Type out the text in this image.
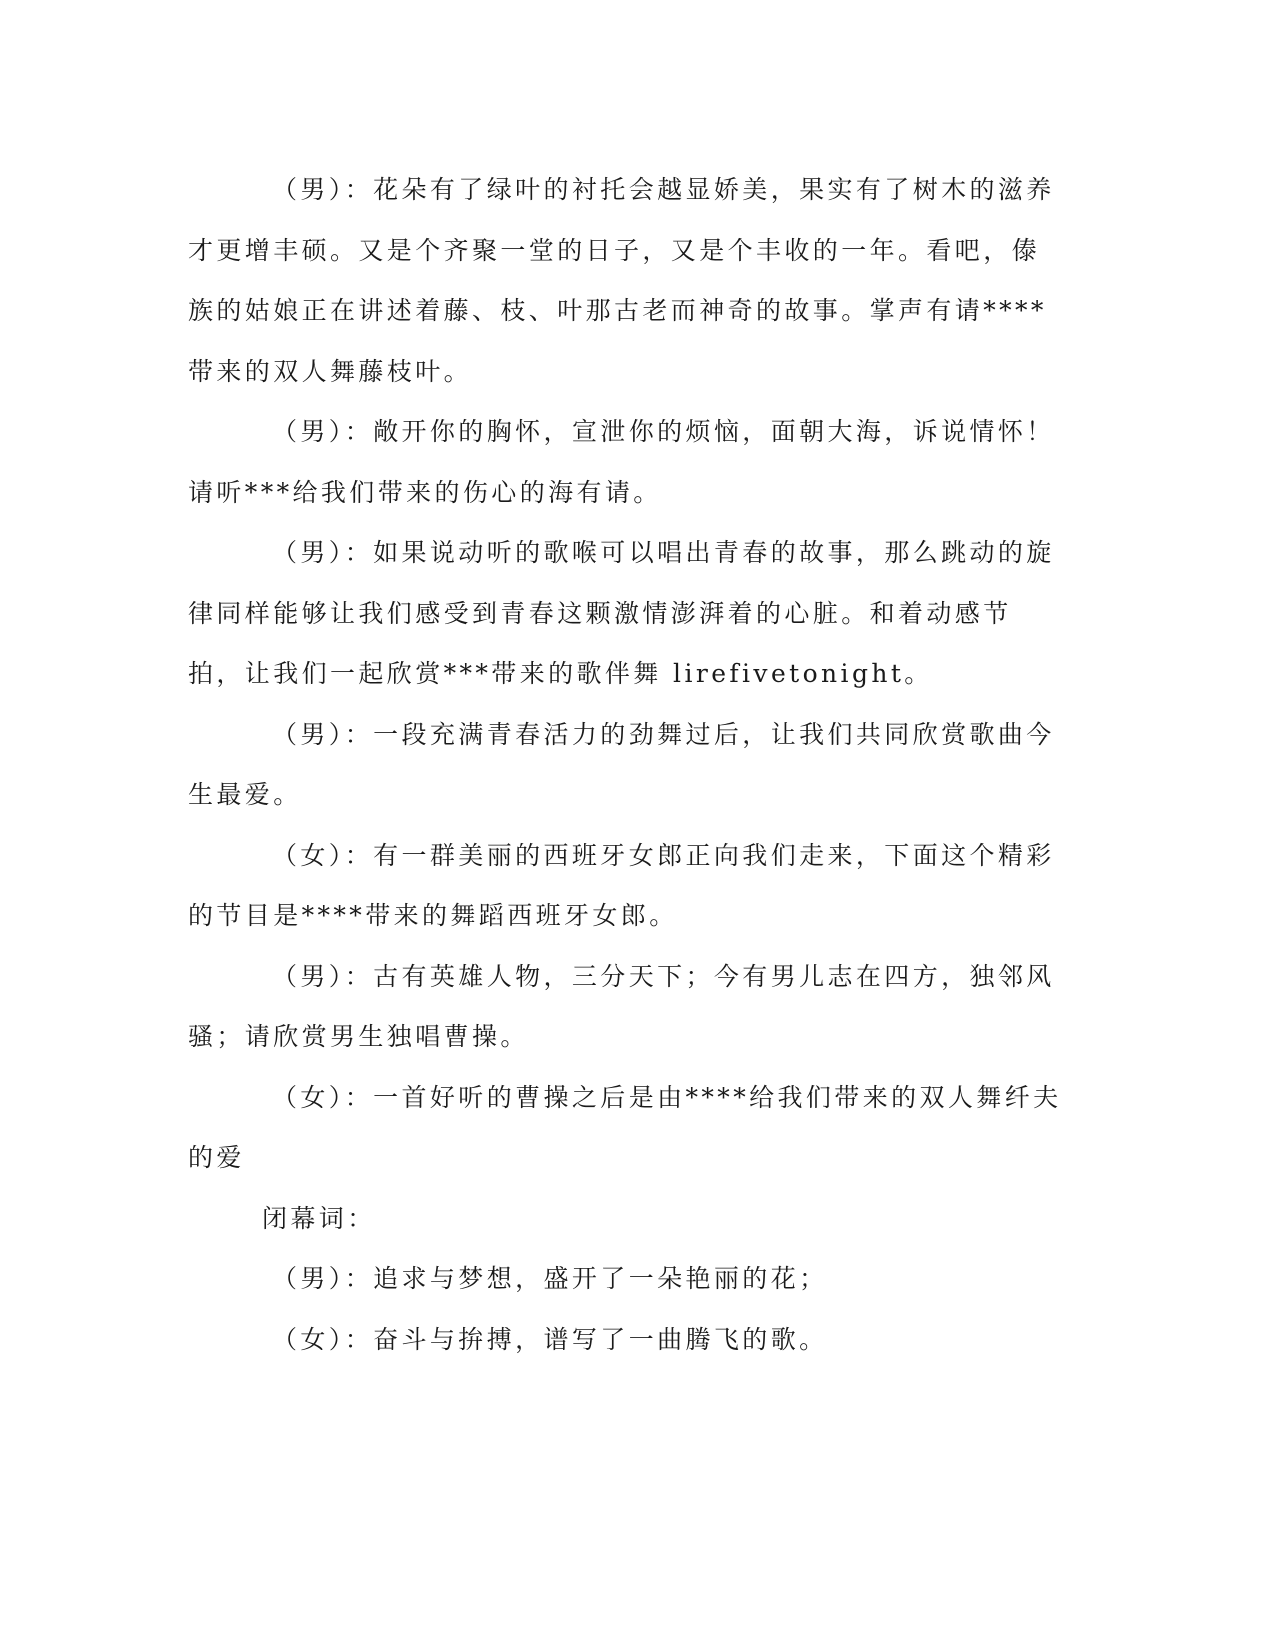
（男）：花朵有了绿叶的衬托会越显娇美，果实有了树木的滋养才更增丰硕。又是个齐聚一堂的日子，又是个丰收的一年。看吧，傣族的姑娘正在讲述着藤、枝、叶那古老而神奇的故事。掌声有请****带来的双人舞藤枝叶。

（男）：敞开你的胸怀，宣泄你的烦恼，面朝大海，诉说情怀！请听***给我们带来的伤心的海有请。

（男）：如果说动听的歌喉可以唱出青春的故事，那么跳动的旋律同样能够让我们感受到青春这颗激情澎湃着的心脏。和着动感节拍，让我们一起欣赏***带来的歌伴舞 lirefivetonight。

（男）：一段充满青春活力的劲舞过后，让我们共同欣赏歌曲今生最爱。

（女）：有一群美丽的西班牙女郎正向我们走来，下面这个精彩的节目是****带来的舞蹈西班牙女郎。

（男）：古有英雄人物，三分天下；今有男儿志在四方，独邻风骚；请欣赏男生独唱曹操。

（女）：一首好听的曹操之后是由****给我们带来的双人舞纤夫的爱

闭幕词：

（男）：追求与梦想，盛开了一朵艳丽的花；

（女）：奋斗与拚搏，谱写了一曲腾飞的歌。
